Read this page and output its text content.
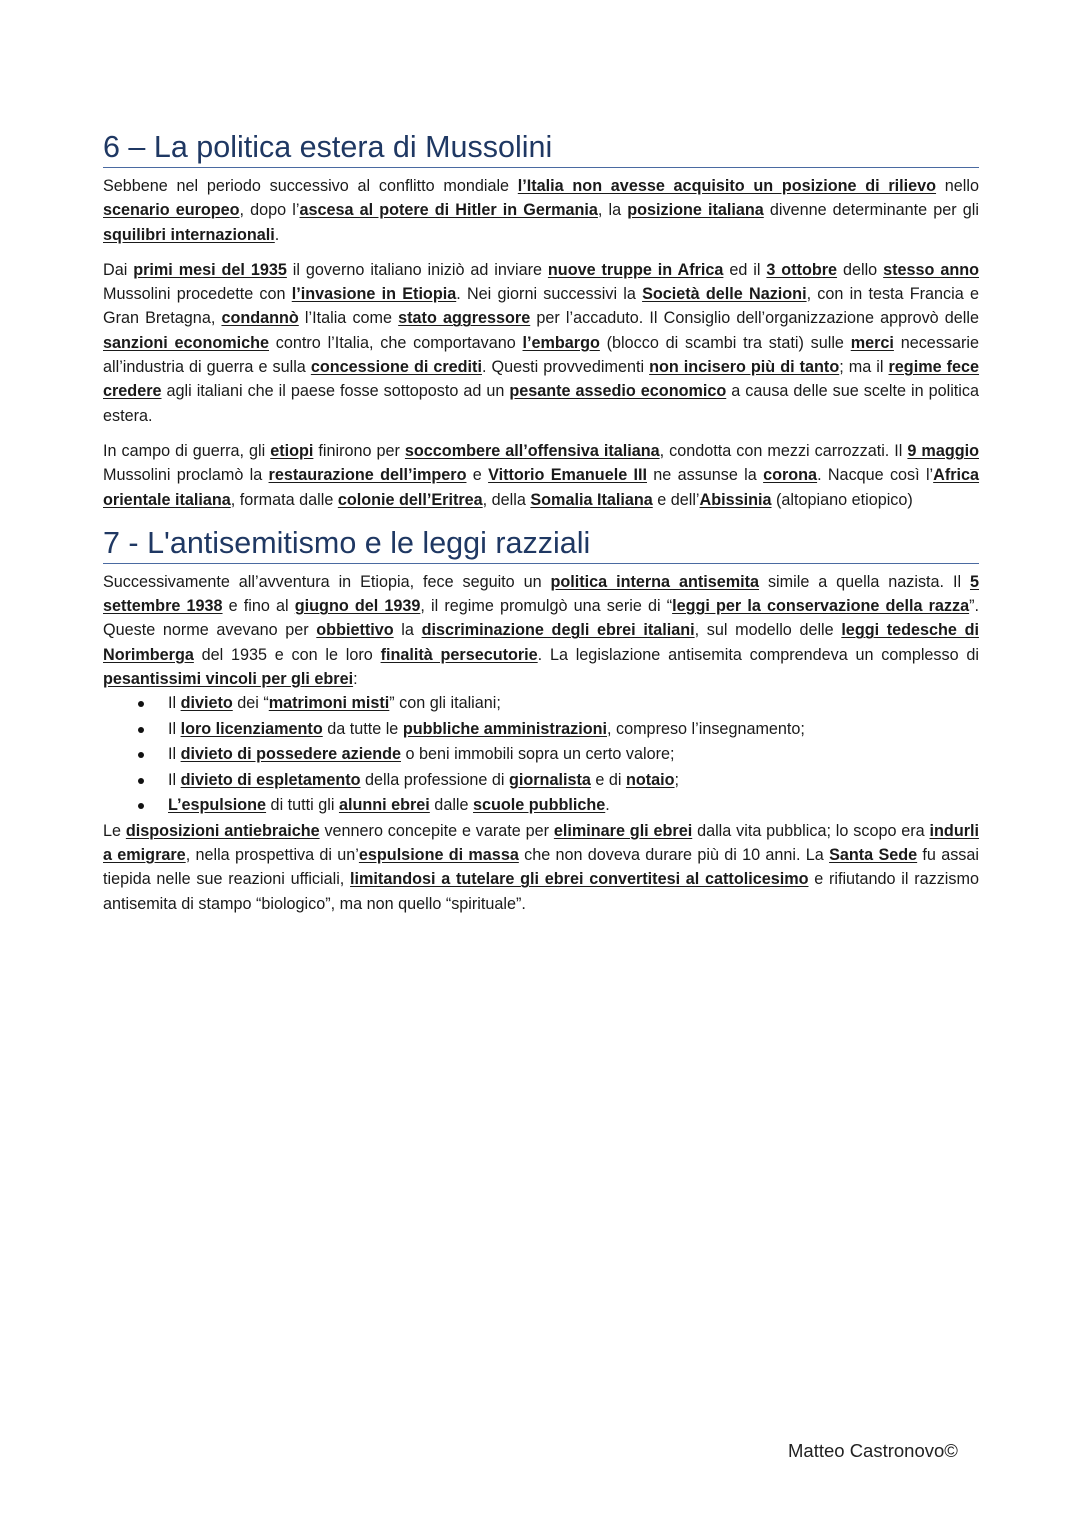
6 – La politica estera di Mussolini

Sebbene nel periodo successivo al conflitto mondiale l’Italia non avesse acquisito un posizione di rilievo nello scenario europeo, dopo l’ascesa al potere di Hitler in Germania, la posizione italiana divenne determinante per gli squilibri internazionali.

Dai primi mesi del 1935 il governo italiano iniziò ad inviare nuove truppe in Africa ed il 3 ottobre dello stesso anno Mussolini procedette con l’invasione in Etiopia. Nei giorni successivi la Società delle Nazioni, con in testa Francia e Gran Bretagna, condannò l’Italia come stato aggressore per l’accaduto. Il Consiglio dell’organizzazione approvò delle sanzioni economiche contro l’Italia, che comportavano l’embargo (blocco di scambi tra stati) sulle merci necessarie all’industria di guerra e sulla concessione di crediti. Questi provvedimenti non incisero più di tanto; ma il regime fece credere agli italiani che il paese fosse sottoposto ad un pesante assedio economico a causa delle sue scelte in politica estera.

In campo di guerra, gli etiopi finirono per soccombere all’offensiva italiana, condotta con mezzi carrozzati. Il 9 maggio Mussolini proclamò la restaurazione dell’impero e Vittorio Emanuele III ne assunse la corona. Nacque così l’Africa orientale italiana, formata dalle colonie dell’Eritrea, della Somalia Italiana e dell’Abissinia (altopiano etiopico)

7 - L'antisemitismo e le leggi razziali

Successivamente all’avventura in Etiopia, fece seguito un politica interna antisemita simile a quella nazista. Il 5 settembre 1938 e fino al giugno del 1939, il regime promulgò una serie di “leggi per la conservazione della razza”. Queste norme avevano per obbiettivo la discriminazione degli ebrei italiani, sul modello delle leggi tedesche di Norimberga del 1935 e con le loro finalità persecutorie. La legislazione antisemita comprendeva un complesso di pesantissimi vincoli per gli ebrei:

Il divieto dei “matrimoni misti” con gli italiani;
Il loro licenziamento da tutte le pubbliche amministrazioni, compreso l’insegnamento;
Il divieto di possedere aziende o beni immobili sopra un certo valore;
Il divieto di espletamento della professione di giornalista e di notaio;
L’espulsione di tutti gli alunni ebrei dalle scuole pubbliche.

Le disposizioni antiebraiche vennero concepite e varate per eliminare gli ebrei dalla vita pubblica; lo scopo era indurli a emigrare, nella prospettiva di un’espulsione di massa che non doveva durare più di 10 anni. La Santa Sede fu assai tiepida nelle sue reazioni ufficiali, limitandosi a tutelare gli ebrei convertitesi al cattolicesimo e rifiutando il razzismo antisemita di stampo “biologico”, ma non quello “spirituale”.

Matteo Castronovo©
